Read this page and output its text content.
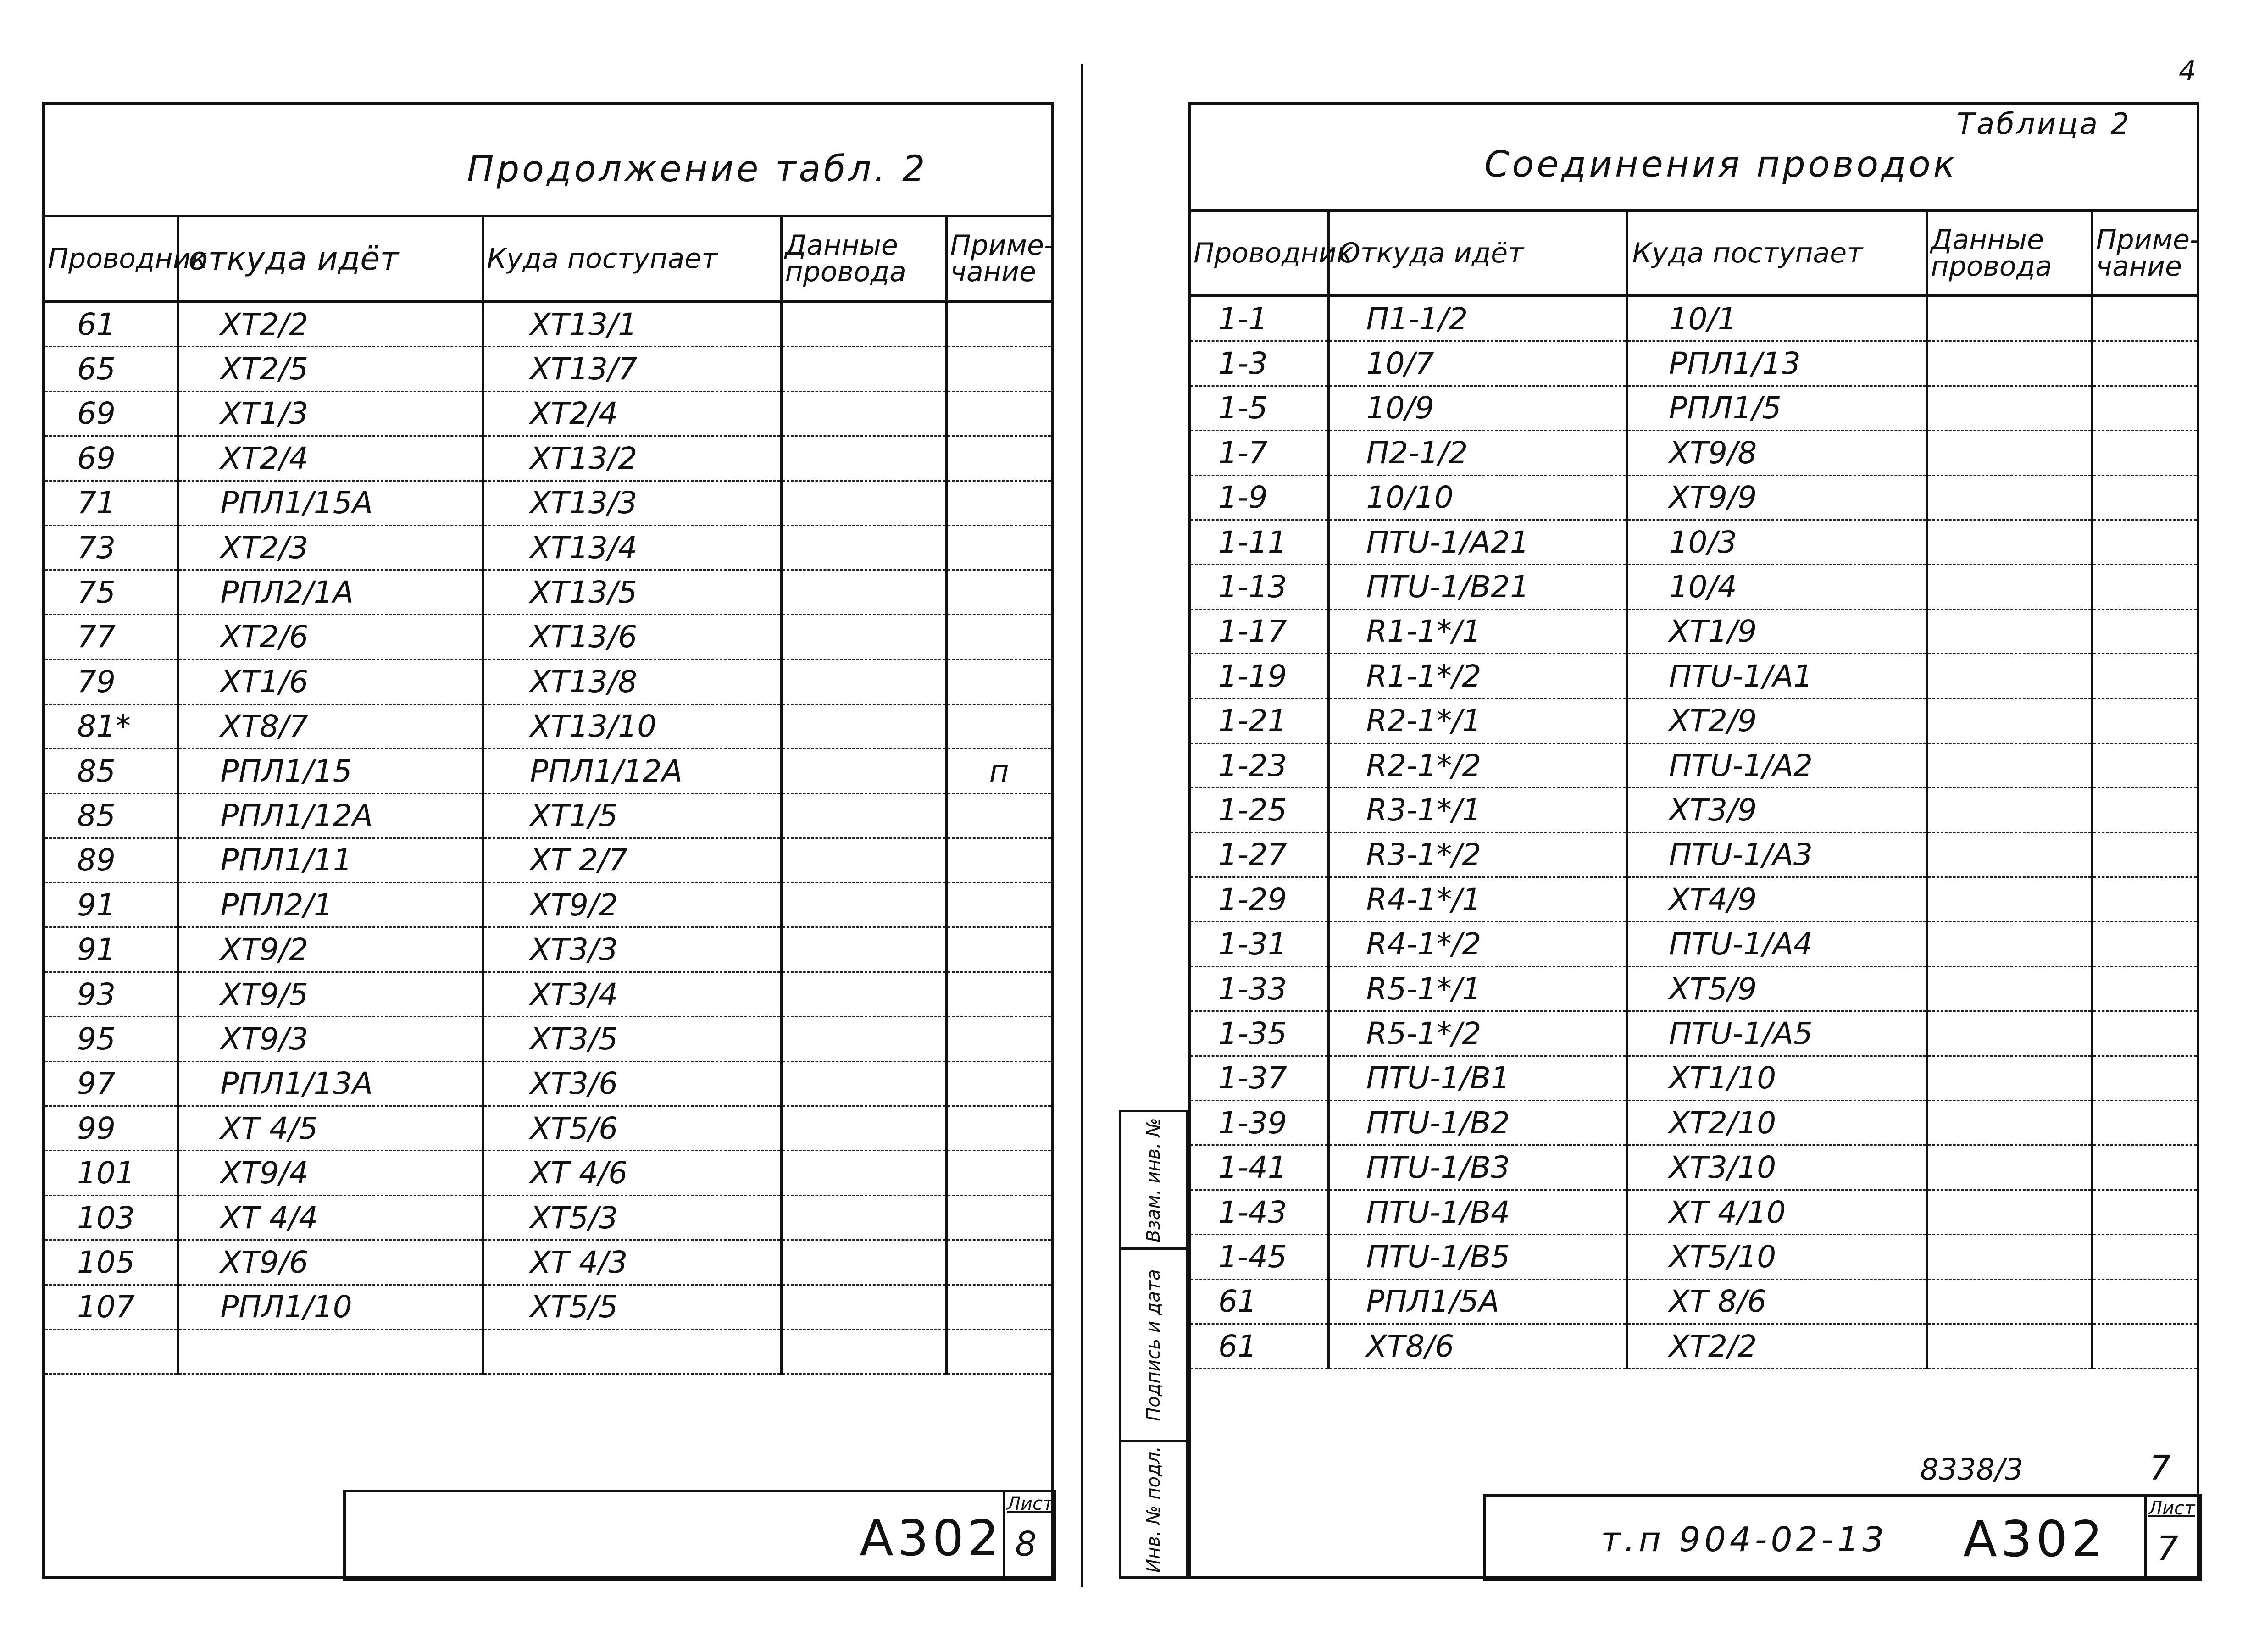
Продолжение табл. 2
Проводник	откуда идёт	Куда поступает	Данные провода	Приме-чание
61	XT2/2	XT13/1		
65	XT2/5	XT13/7		
69	XT1/3	XT2/4		
69	XT2/4	XT13/2		
71	РПЛ1/15А	XT13/3		
73	XT2/3	XT13/4		
75	РПЛ2/1А	XT13/5		
77	XT2/6	XT13/6		
79	XT1/6	XT13/8		
81*	XT8/7	XT13/10		
85	РПЛ1/15	РПЛ1/12А		п
85	РПЛ1/12А	XT1/5		
89	РПЛ1/11	XT 2/7		
91	РПЛ2/1	XT9/2		
91	XT9/2	XT3/3		
93	XT9/5	XT3/4		
95	XT9/3	XT3/5		
97	РПЛ1/13А	XT3/6		
99	XT 4/5	XT5/6		
101	XT9/4	XT 4/6		
103	XT 4/4	XT5/3		
105	XT9/6	XT 4/3		
107	РПЛ1/10	XT5/5		

А302
Лист
8
Взам. инв. №
Подпись и дата
Инв. № подл.
Таблица 2
Соединения проводок
Проводник	Откуда идёт	Куда поступает	Данные провода	Приме-чание
1-1	П1-1/2	10/1		
1-3	10/7	РПЛ1/13		
1-5	10/9	РПЛ1/5		
1-7	П2-1/2	XT9/8		
1-9	10/10	XT9/9		
1-11	ПТU-1/А21	10/3		
1-13	ПТU-1/В21	10/4		
1-17	R1-1*/1	XT1/9		
1-19	R1-1*/2	ПТU-1/А1		
1-21	R2-1*/1	XT2/9		
1-23	R2-1*/2	ПТU-1/А2		
1-25	R3-1*/1	XT3/9		
1-27	R3-1*/2	ПТU-1/А3		
1-29	R4-1*/1	XT4/9		
1-31	R4-1*/2	ПТU-1/А4		
1-33	R5-1*/1	XT5/9		
1-35	R5-1*/2	ПТU-1/А5		
1-37	ПТU-1/В1	XT1/10		
1-39	ПТU-1/В2	XT2/10		
1-41	ПТU-1/В3	XT3/10		
1-43	ПТU-1/В4	XT 4/10		
1-45	ПТU-1/В5	XT5/10		
61	РПЛ1/5А	XT 8/6		
61	XT8/6	XT2/2		
8338/3	7
т.п 904-02-13 А302
Лист
7
4
